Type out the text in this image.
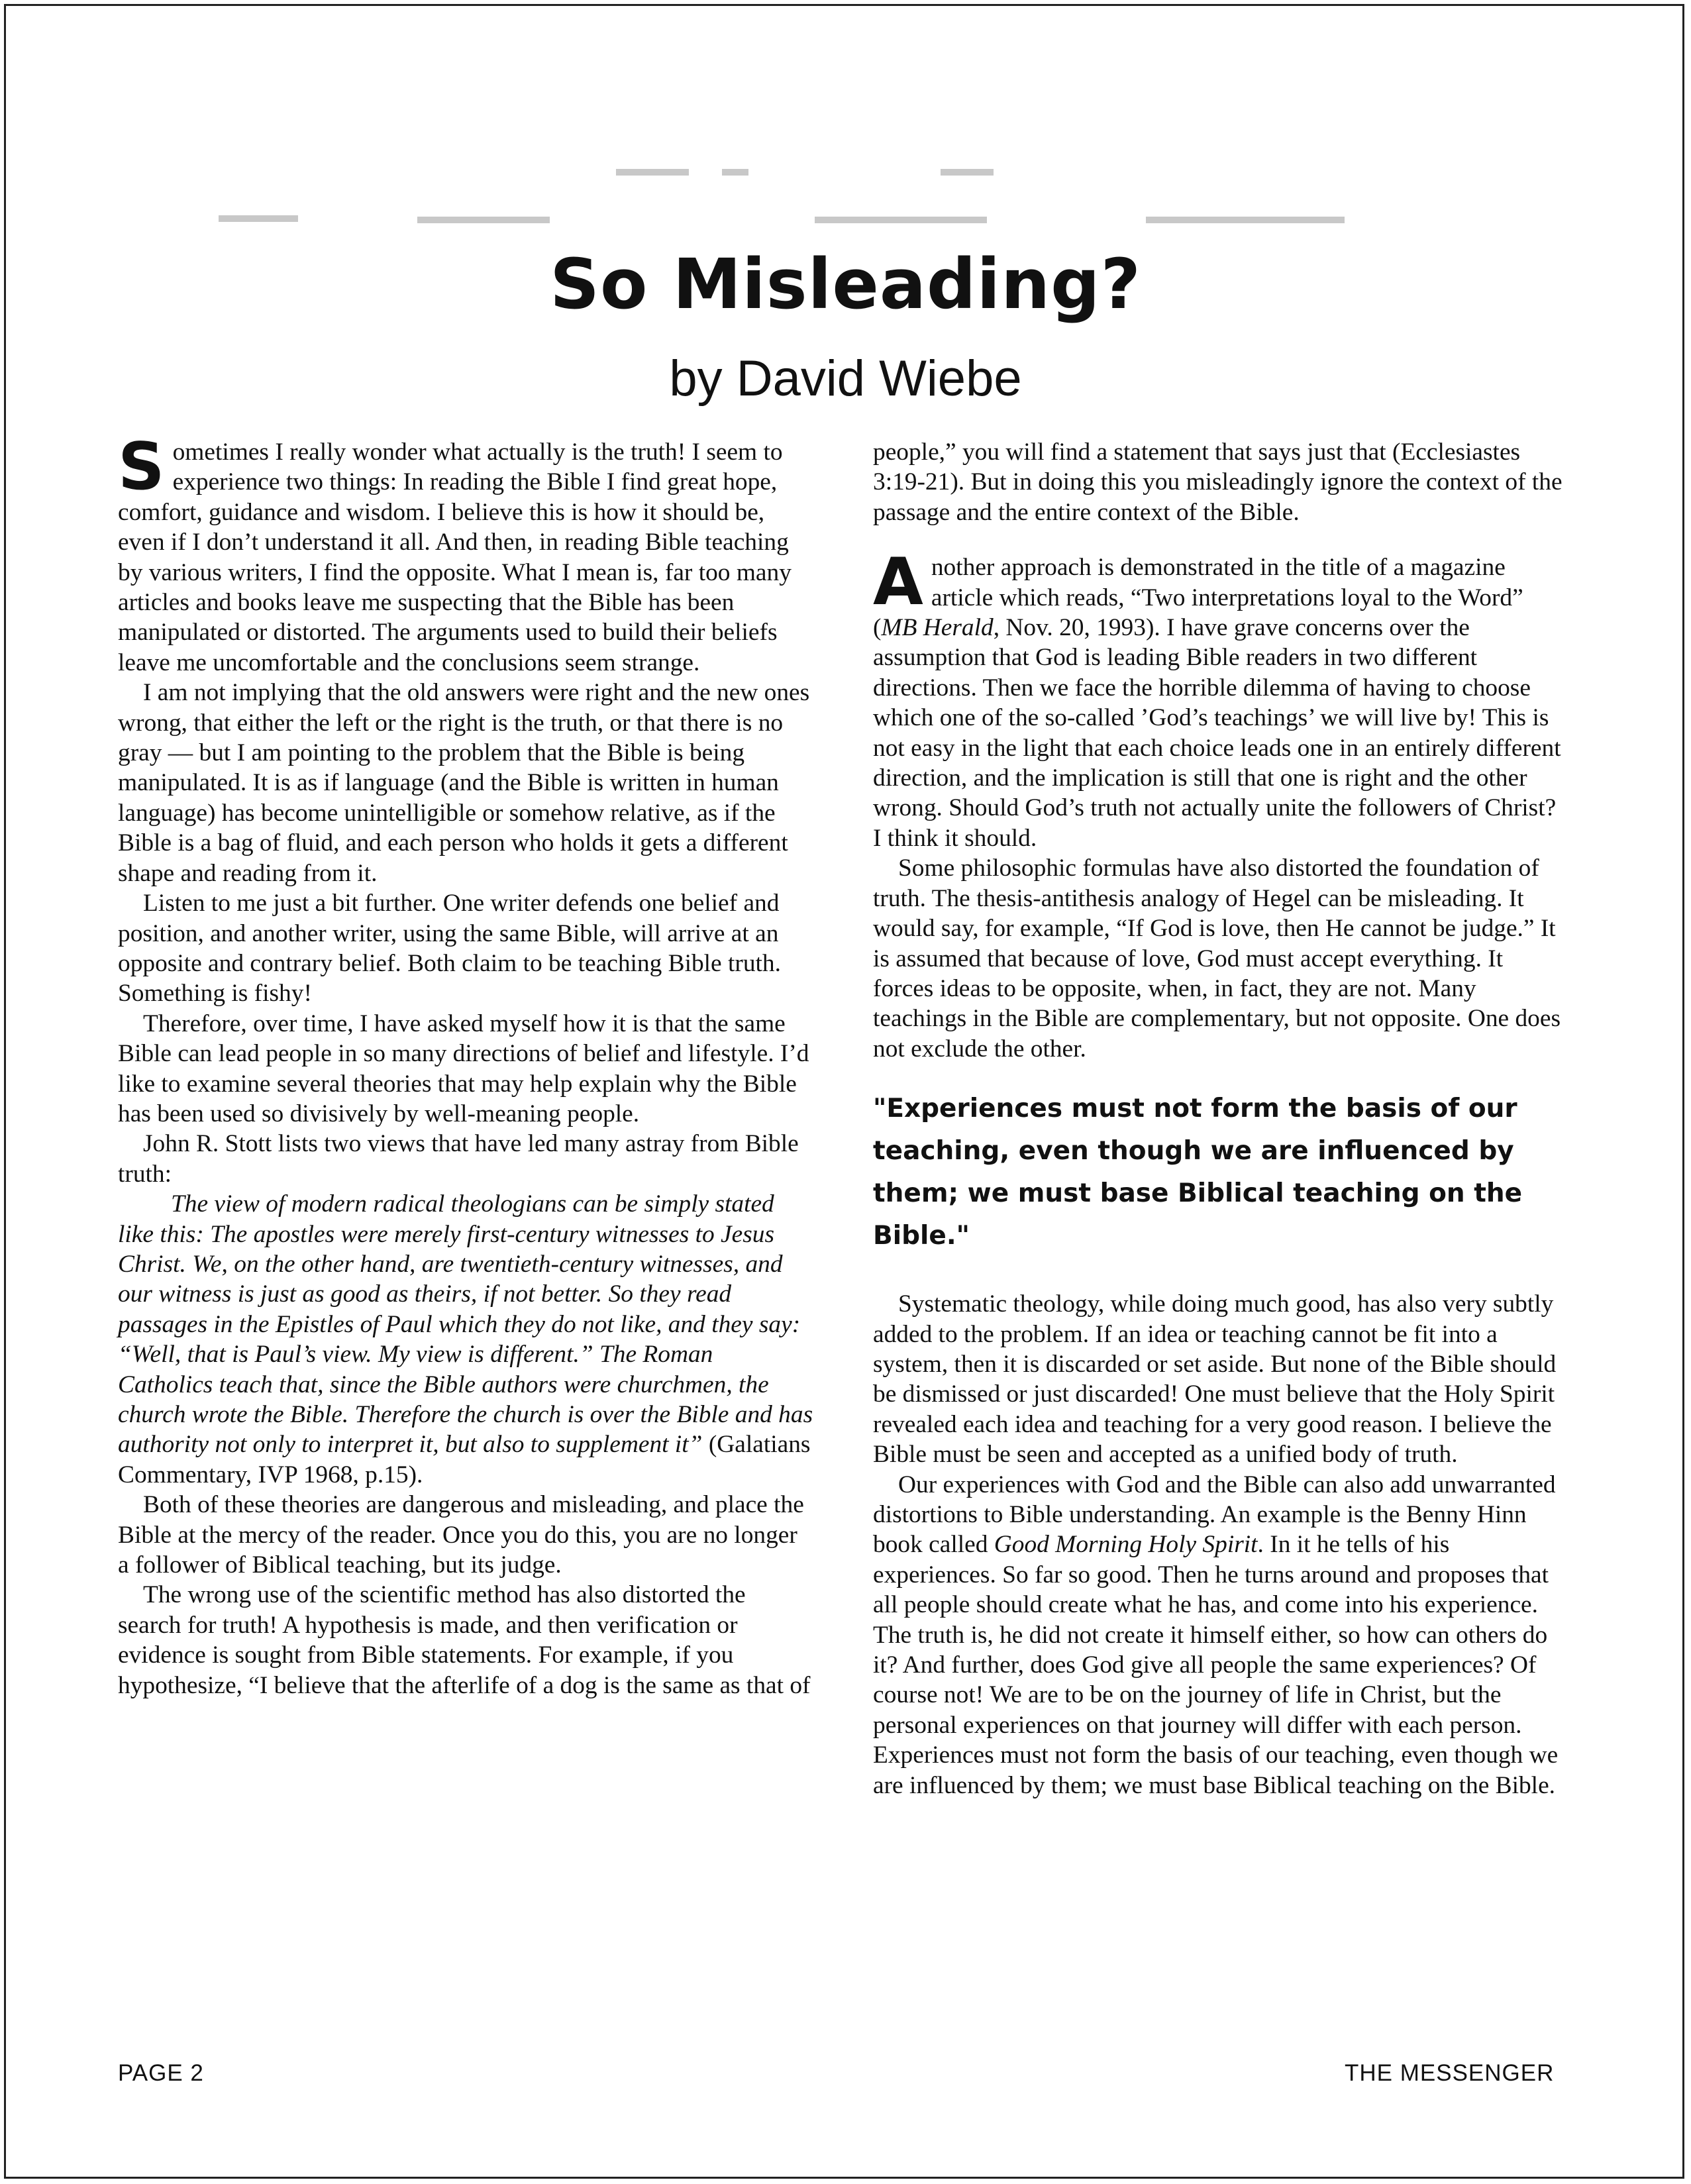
So Misleading?
by David Wiebe

Sometimes I really wonder what actually is the truth! I seem to experience two things: In reading the Bible I find great hope, comfort, guidance and wisdom. I believe this is how it should be, even if I don’t understand it all. And then, in reading Bible teaching by various writers, I find the opposite. What I mean is, far too many articles and books leave me suspecting that the Bible has been manipulated or distorted. The arguments used to build their beliefs leave me uncomfortable and the conclusions seem strange.

I am not implying that the old answers were right and the new ones wrong, that either the left or the right is the truth, or that there is no gray — but I am pointing to the problem that the Bible is being manipulated. It is as if language (and the Bible is written in human language) has become unintelligible or somehow relative, as if the Bible is a bag of fluid, and each person who holds it gets a different shape and reading from it.

Listen to me just a bit further. One writer defends one belief and position, and another writer, using the same Bible, will arrive at an opposite and contrary belief. Both claim to be teaching Bible truth. Something is fishy!

Therefore, over time, I have asked myself how it is that the same Bible can lead people in so many directions of belief and lifestyle. I’d like to examine several theories that may help explain why the Bible has been used so divisively by well-meaning people.

John R. Stott lists two views that have led many astray from Bible truth:

The view of modern radical theologians can be simply stated like this: The apostles were merely first-century witnesses to Jesus Christ. We, on the other hand, are twentieth-century witnesses, and our witness is just as good as theirs, if not better. So they read passages in the Epistles of Paul which they do not like, and they say: “Well, that is Paul’s view. My view is different.” The Roman Catholics teach that, since the Bible authors were churchmen, the church wrote the Bible. Therefore the church is over the Bible and has authority not only to interpret it, but also to supplement it” (Galatians Commentary, IVP 1968, p.15).

Both of these theories are dangerous and misleading, and place the Bible at the mercy of the reader. Once you do this, you are no longer a follower of Biblical teaching, but its judge.

The wrong use of the scientific method has also distorted the search for truth! A hypothesis is made, and then verification or evidence is sought from Bible statements. For example, if you hypothesize, “I believe that the afterlife of a dog is the same as that of

people,” you will find a statement that says just that (Ecclesiastes 3:19-21). But in doing this you misleadingly ignore the context of the passage and the entire context of the Bible.

Another approach is demonstrated in the title of a magazine article which reads, “Two interpretations loyal to the Word” (MB Herald, Nov. 20, 1993). I have grave concerns over the assumption that God is leading Bible readers in two different directions. Then we face the horrible dilemma of having to choose which one of the so-called ’God’s teachings’ we will live by! This is not easy in the light that each choice leads one in an entirely different direction, and the implication is still that one is right and the other wrong. Should God’s truth not actually unite the followers of Christ? I think it should.

Some philosophic formulas have also distorted the foundation of truth. The thesis-antithesis analogy of Hegel can be misleading. It would say, for example, “If God is love, then He cannot be judge.” It is assumed that because of love, God must accept everything. It forces ideas to be opposite, when, in fact, they are not. Many teachings in the Bible are complementary, but not opposite. One does not exclude the other.

"Experiences must not form the basis of our teaching, even though we are influenced by them; we must base Biblical teaching on the Bible."

Systematic theology, while doing much good, has also very subtly added to the problem. If an idea or teaching cannot be fit into a system, then it is discarded or set aside. But none of the Bible should be dismissed or just discarded! One must believe that the Holy Spirit revealed each idea and teaching for a very good reason. I believe the Bible must be seen and accepted as a unified body of truth.

Our experiences with God and the Bible can also add unwarranted distortions to Bible understanding. An example is the Benny Hinn book called Good Morning Holy Spirit. In it he tells of his experiences. So far so good. Then he turns around and proposes that all people should create what he has, and come into his experience. The truth is, he did not create it himself either, so how can others do it? And further, does God give all people the same experiences? Of course not! We are to be on the journey of life in Christ, but the personal experiences on that journey will differ with each person. Experiences must not form the basis of our teaching, even though we are influenced by them; we must base Biblical teaching on the Bible.

PAGE 2	THE MESSENGER
